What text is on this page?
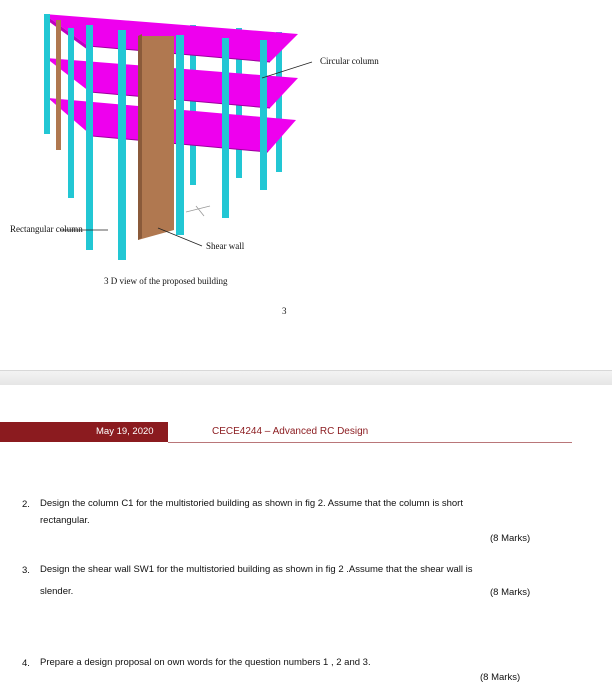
Circular column
Rectangular column
Shear wall
3 D view of the proposed building
3
May 19, 2020	CECE4244 – Advanced RC Design
2. Design the column C1 for the multistoried building as shown in fig 2. Assume that the column is short
rectangular.
(8 Marks)
3. Design the shear wall SW1 for the multistoried building as shown in fig 2 .Assume that the shear wall is
slender.	(8 Marks)
4. Prepare a design proposal on own words for the question numbers 1 , 2 and 3.
(8 Marks)
